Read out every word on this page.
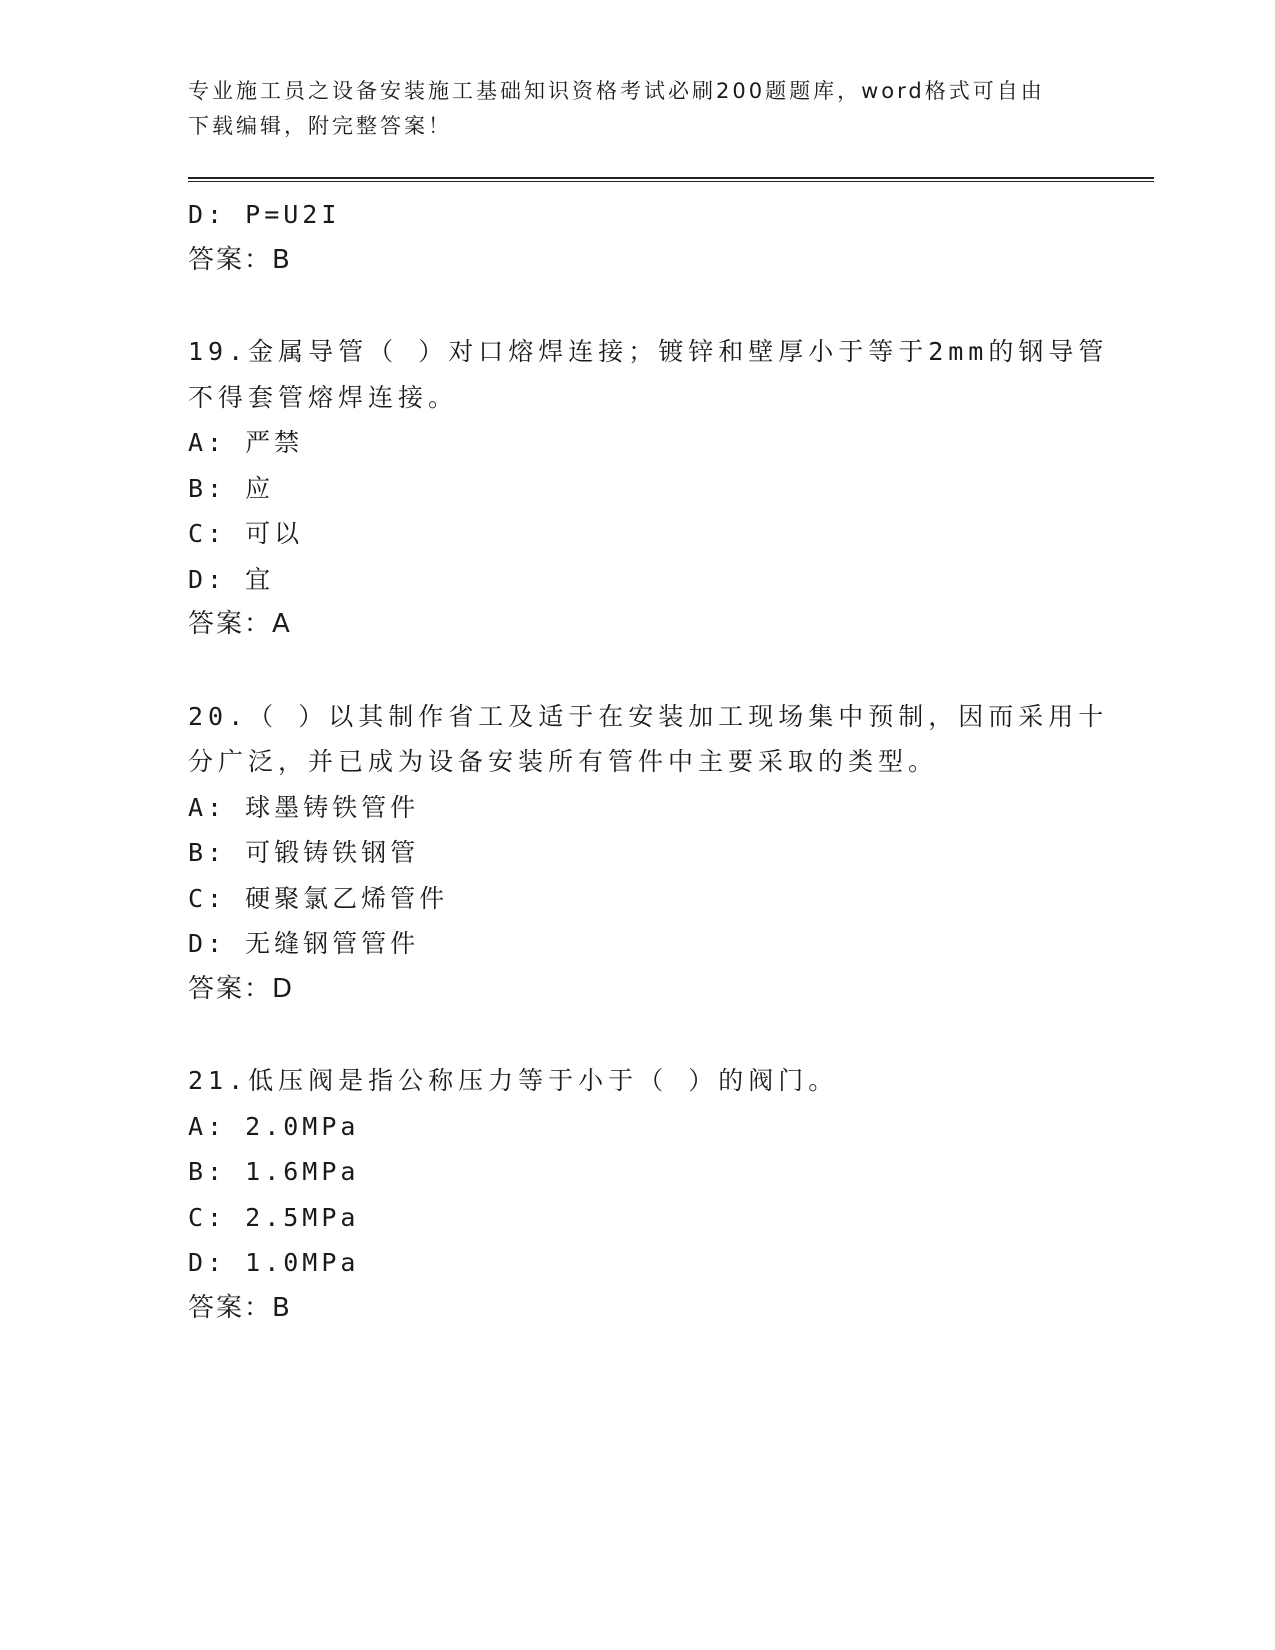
专业施工员之设备安装施工基础知识资格考试必刷200题题库，word格式可自由
下载编辑，附完整答案！
D: P=U2I
答案：B
19.金属导管（ ）对口熔焊连接；镀锌和壁厚小于等于2mm的钢导管
不得套管熔焊连接。
A: 严禁
B: 应
C: 可以
D: 宜
答案：A
20.（ ）以其制作省工及适于在安装加工现场集中预制，因而采用十
分广泛，并已成为设备安装所有管件中主要采取的类型。
A: 球墨铸铁管件
B: 可锻铸铁钢管
C: 硬聚氯乙烯管件
D: 无缝钢管管件
答案：D
21.低压阀是指公称压力等于小于（ ）的阀门。
A: 2.0MPa
B: 1.6MPa
C: 2.5MPa
D: 1.0MPa
答案：B
